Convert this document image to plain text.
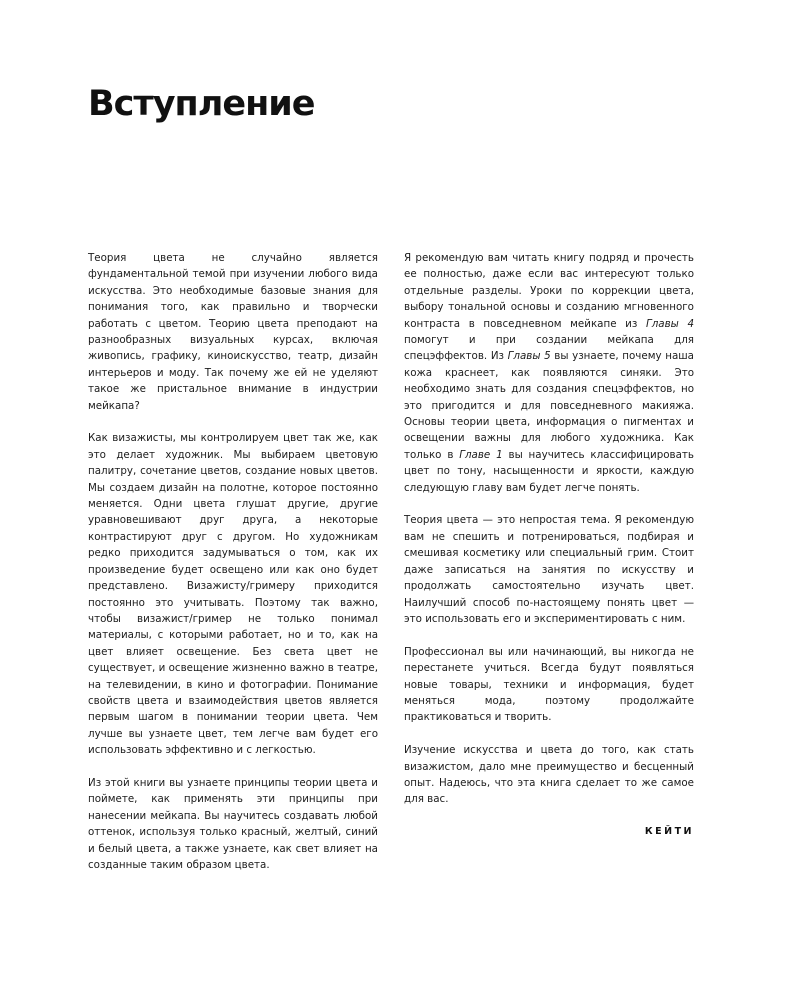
Вступление

Теория цвета не случайно является фундаментальной темой при изучении любого вида искусства. Это необходимые базовые знания для понимания того, как правильно и творчески работать с цветом. Теорию цвета преподают на разнообразных визуальных курсах, включая живопись, графику, киноискусство, театр, дизайн интерьеров и моду. Так почему же ей не уделяют такое же пристальное внимание в индустрии мейкапа?

Как визажисты, мы контролируем цвет так же, как это делает художник. Мы выбираем цветовую палитру, сочетание цветов, создание новых цветов. Мы создаем дизайн на полотне, которое постоянно меняется. Одни цвета глушат другие, другие уравновешивают друг друга, а некоторые контрастируют друг с другом. Но художникам редко приходится задумываться о том, как их произведение будет освещено или как оно будет представлено. Визажисту/гримеру приходится постоянно это учитывать. Поэтому так важно, чтобы визажист/гример не только понимал материалы, с которыми работает, но и то, как на цвет влияет освещение. Без света цвет не существует, и освещение жизненно важно в театре, на телевидении, в кино и фотографии. Понимание свойств цвета и взаимодействия цветов является первым шагом в понимании теории цвета. Чем лучше вы узнаете цвет, тем легче вам будет его использовать эффективно и с легкостью.

Из этой книги вы узнаете принципы теории цвета и поймете, как применять эти принципы при нанесении мейкапа. Вы научитесь создавать любой оттенок, используя только красный, желтый, синий и белый цвета, а также узнаете, как свет влияет на созданные таким образом цвета.

Я рекомендую вам читать книгу подряд и прочесть ее полностью, даже если вас интересуют только отдельные разделы. Уроки по коррекции цвета, выбору тональной основы и созданию мгновенного контраста в повседневном мейкапе из Главы 4 помогут и при создании мейкапа для спецэффектов. Из Главы 5 вы узнаете, почему наша кожа краснеет, как появляются синяки. Это необходимо знать для создания спецэффектов, но это пригодится и для повседневного макияжа. Основы теории цвета, информация о пигментах и освещении важны для любого художника. Как только в Главе 1 вы научитесь классифицировать цвет по тону, насыщенности и яркости, каждую следующую главу вам будет легче понять.

Теория цвета — это непростая тема. Я рекомендую вам не спешить и потренироваться, подбирая и смешивая косметику или специальный грим. Стоит даже записаться на занятия по искусству и продолжать самостоятельно изучать цвет. Наилучший способ по-настоящему понять цвет — это использовать его и экспериментировать с ним.

Профессионал вы или начинающий, вы никогда не перестанете учиться. Всегда будут появляться новые товары, техники и информация, будет меняться мода, поэтому продолжайте практиковаться и творить.

Изучение искусства и цвета до того, как стать визажистом, дало мне преимущество и бесценный опыт. Надеюсь, что эта книга сделает то же самое для вас.

КЕЙТИ
